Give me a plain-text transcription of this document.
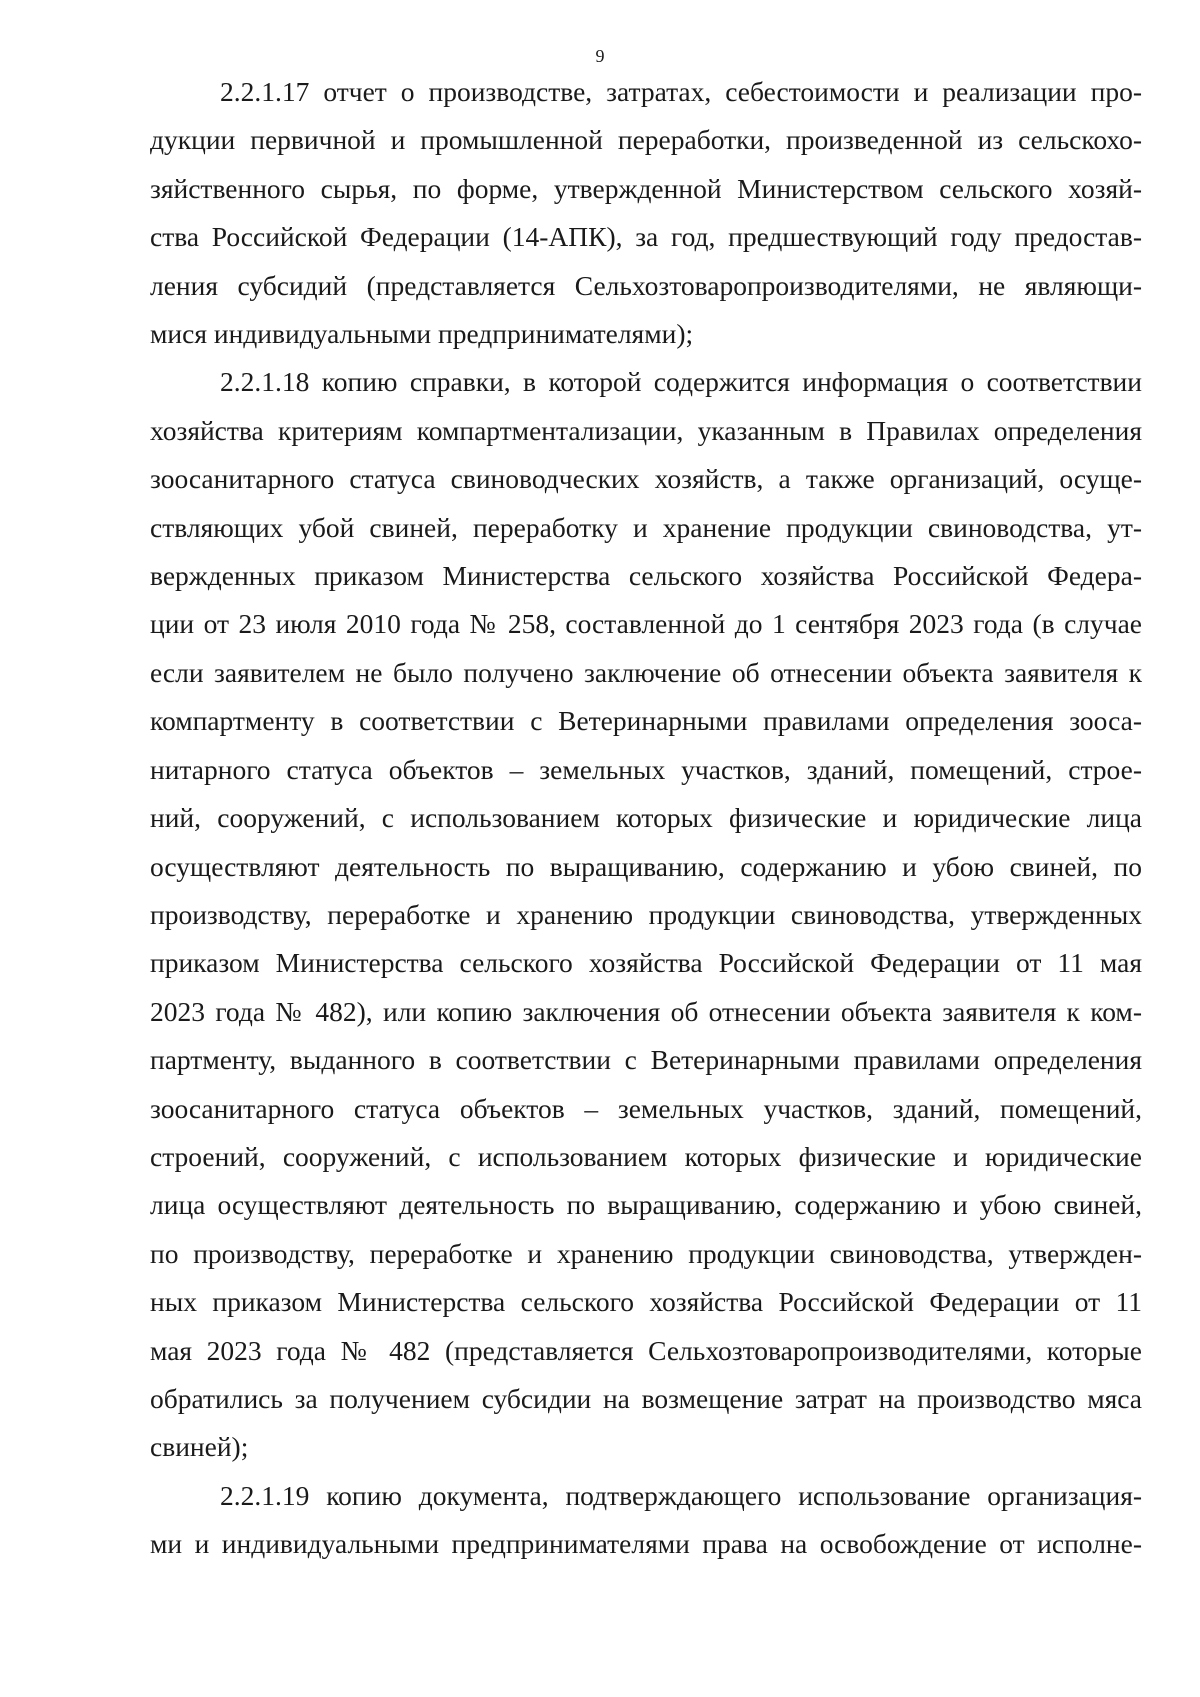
9

2.2.1.17 отчет о производстве, затратах, себестоимости и реализации про-
дукции первичной и промышленной переработки, произведенной из сельскохо-
зяйственного сырья, по форме, утвержденной Министерством сельского хозяй-
ства Российской Федерации (14-АПК), за год, предшествующий году предостав-
ления субсидий (представляется Сельхозтоваропроизводителями, не являющи-
мися индивидуальными предпринимателями);

2.2.1.18 копию справки, в которой содержится информация о соответствии
хозяйства критериям компартментализации, указанным в Правилах определения
зоосанитарного статуса свиноводческих хозяйств, а также организаций, осуще-
ствляющих убой свиней, переработку и хранение продукции свиноводства, ут-
вержденных приказом Министерства сельского хозяйства Российской Федера-
ции от 23 июля 2010 года № 258, составленной до 1 сентября 2023 года (в случае
если заявителем не было получено заключение об отнесении объекта заявителя к
компартменту в соответствии с Ветеринарными правилами определения зооса-
нитарного статуса объектов – земельных участков, зданий, помещений, строе-
ний, сооружений, с использованием которых физические и юридические лица
осуществляют деятельность по выращиванию, содержанию и убою свиней, по
производству, переработке и хранению продукции свиноводства, утвержденных
приказом Министерства сельского хозяйства Российской Федерации от 11 мая
2023 года № 482), или копию заключения об отнесении объекта заявителя к ком-
партменту, выданного в соответствии с Ветеринарными правилами определения
зоосанитарного статуса объектов – земельных участков, зданий, помещений,
строений, сооружений, с использованием которых физические и юридические
лица осуществляют деятельность по выращиванию, содержанию и убою свиней,
по производству, переработке и хранению продукции свиноводства, утвержден-
ных приказом Министерства сельского хозяйства Российской Федерации от 11
мая 2023 года № 482 (представляется Сельхозтоваропроизводителями, которые
обратились за получением субсидии на возмещение затрат на производство мяса
свиней);

2.2.1.19 копию документа, подтверждающего использование организация-
ми и индивидуальными предпринимателями права на освобождение от исполне-
